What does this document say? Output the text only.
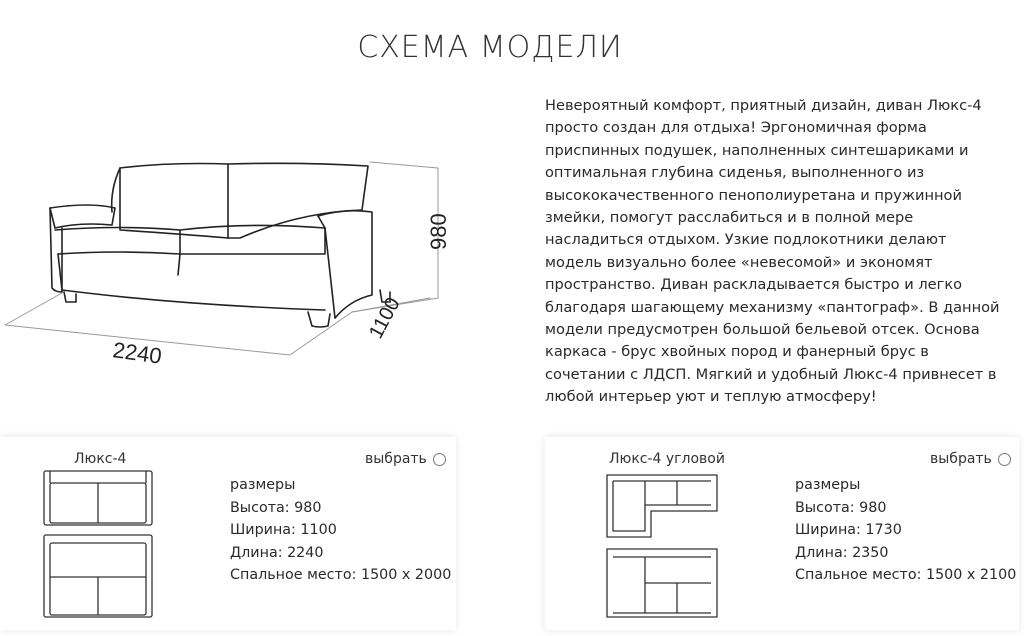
СХЕМА МОДЕЛИ
980
1100
2240
Невероятный комфорт, приятный дизайн, диван Люкс-4 просто создан для отдыха! Эргономичная форма приспинных подушек, наполненных синтешариками и оптимальная глубина сиденья, выполненного из высококачественного пенополиуретана и пружинной змейки, помогут расслабиться и в полной мере насладиться отдыхом. Узкие подлокотники делают модель визуально более «невесомой» и экономят пространство. Диван раскладывается быстро и легко благодаря шагающему механизму «пантограф». В данной модели предусмотрен большой бельевой отсек. Основа каркаса - брус хвойных пород и фанерный брус в сочетании с ЛДСП. Мягкий и удобный Люкс-4 привнесет в любой интерьер уют и теплую атмосферу!
Люкс-4	выбрать
размеры
Высота: 980
Ширина: 1100
Длина: 2240
Спальное место: 1500 х 2000
Люкс-4 угловой	выбрать
размеры
Высота: 980
Ширина: 1730
Длина: 2350
Спальное место: 1500 х 2100
